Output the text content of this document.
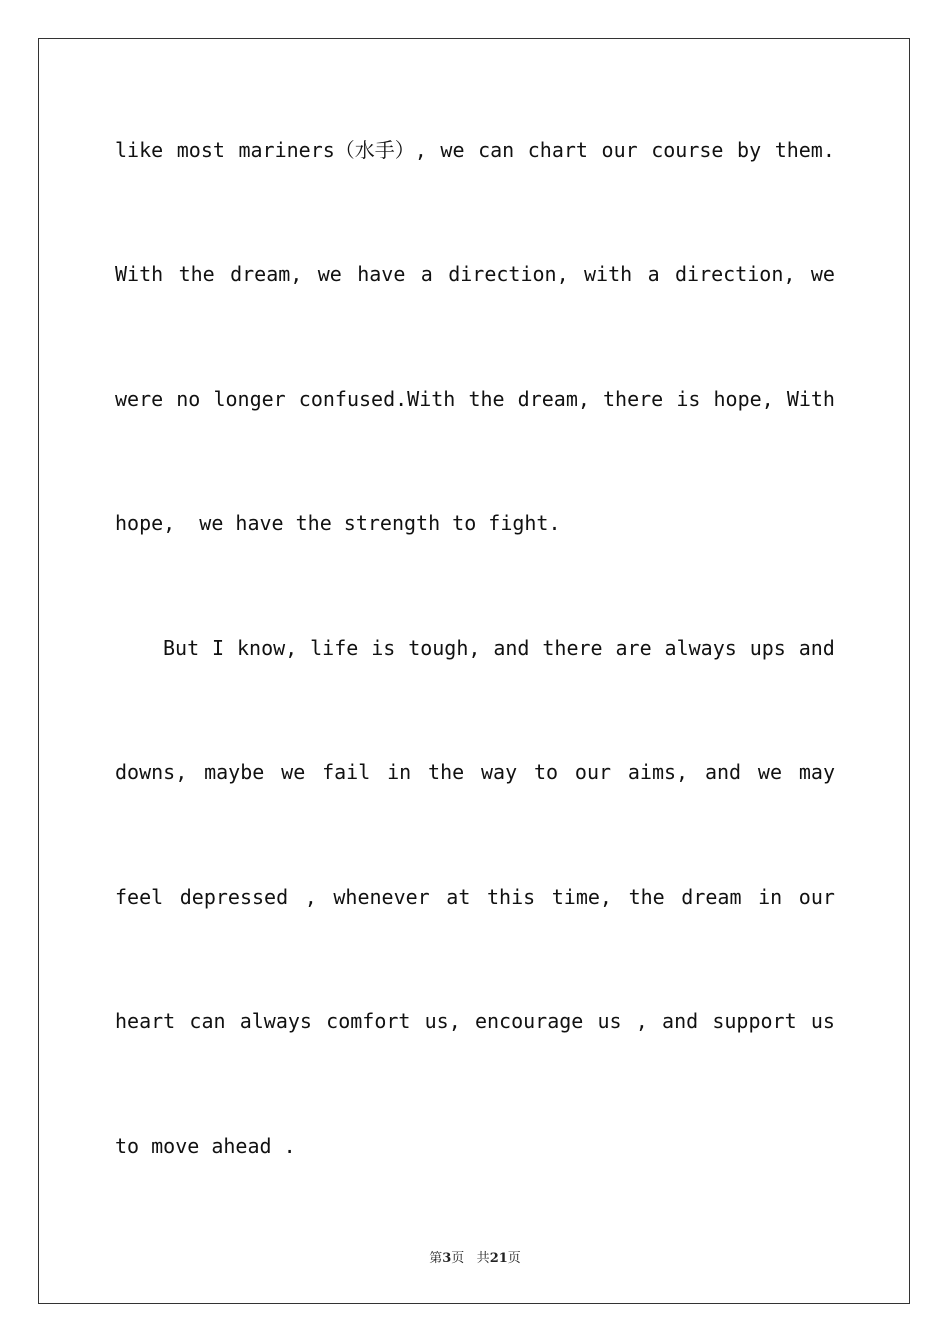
like most mariners（水手）, we can chart our course by them.
With the dream, we have a direction, with a direction, we
were no longer confused.With the dream, there is hope, With
hope,  we have the strength to fight.
But I know, life is tough, and there are always ups and
downs, maybe we fail in the way to our aims, and we may
feel depressed , whenever at this time, the dream in our
heart can always comfort us, encourage us , and support us
to move ahead .
第3页 共21页
